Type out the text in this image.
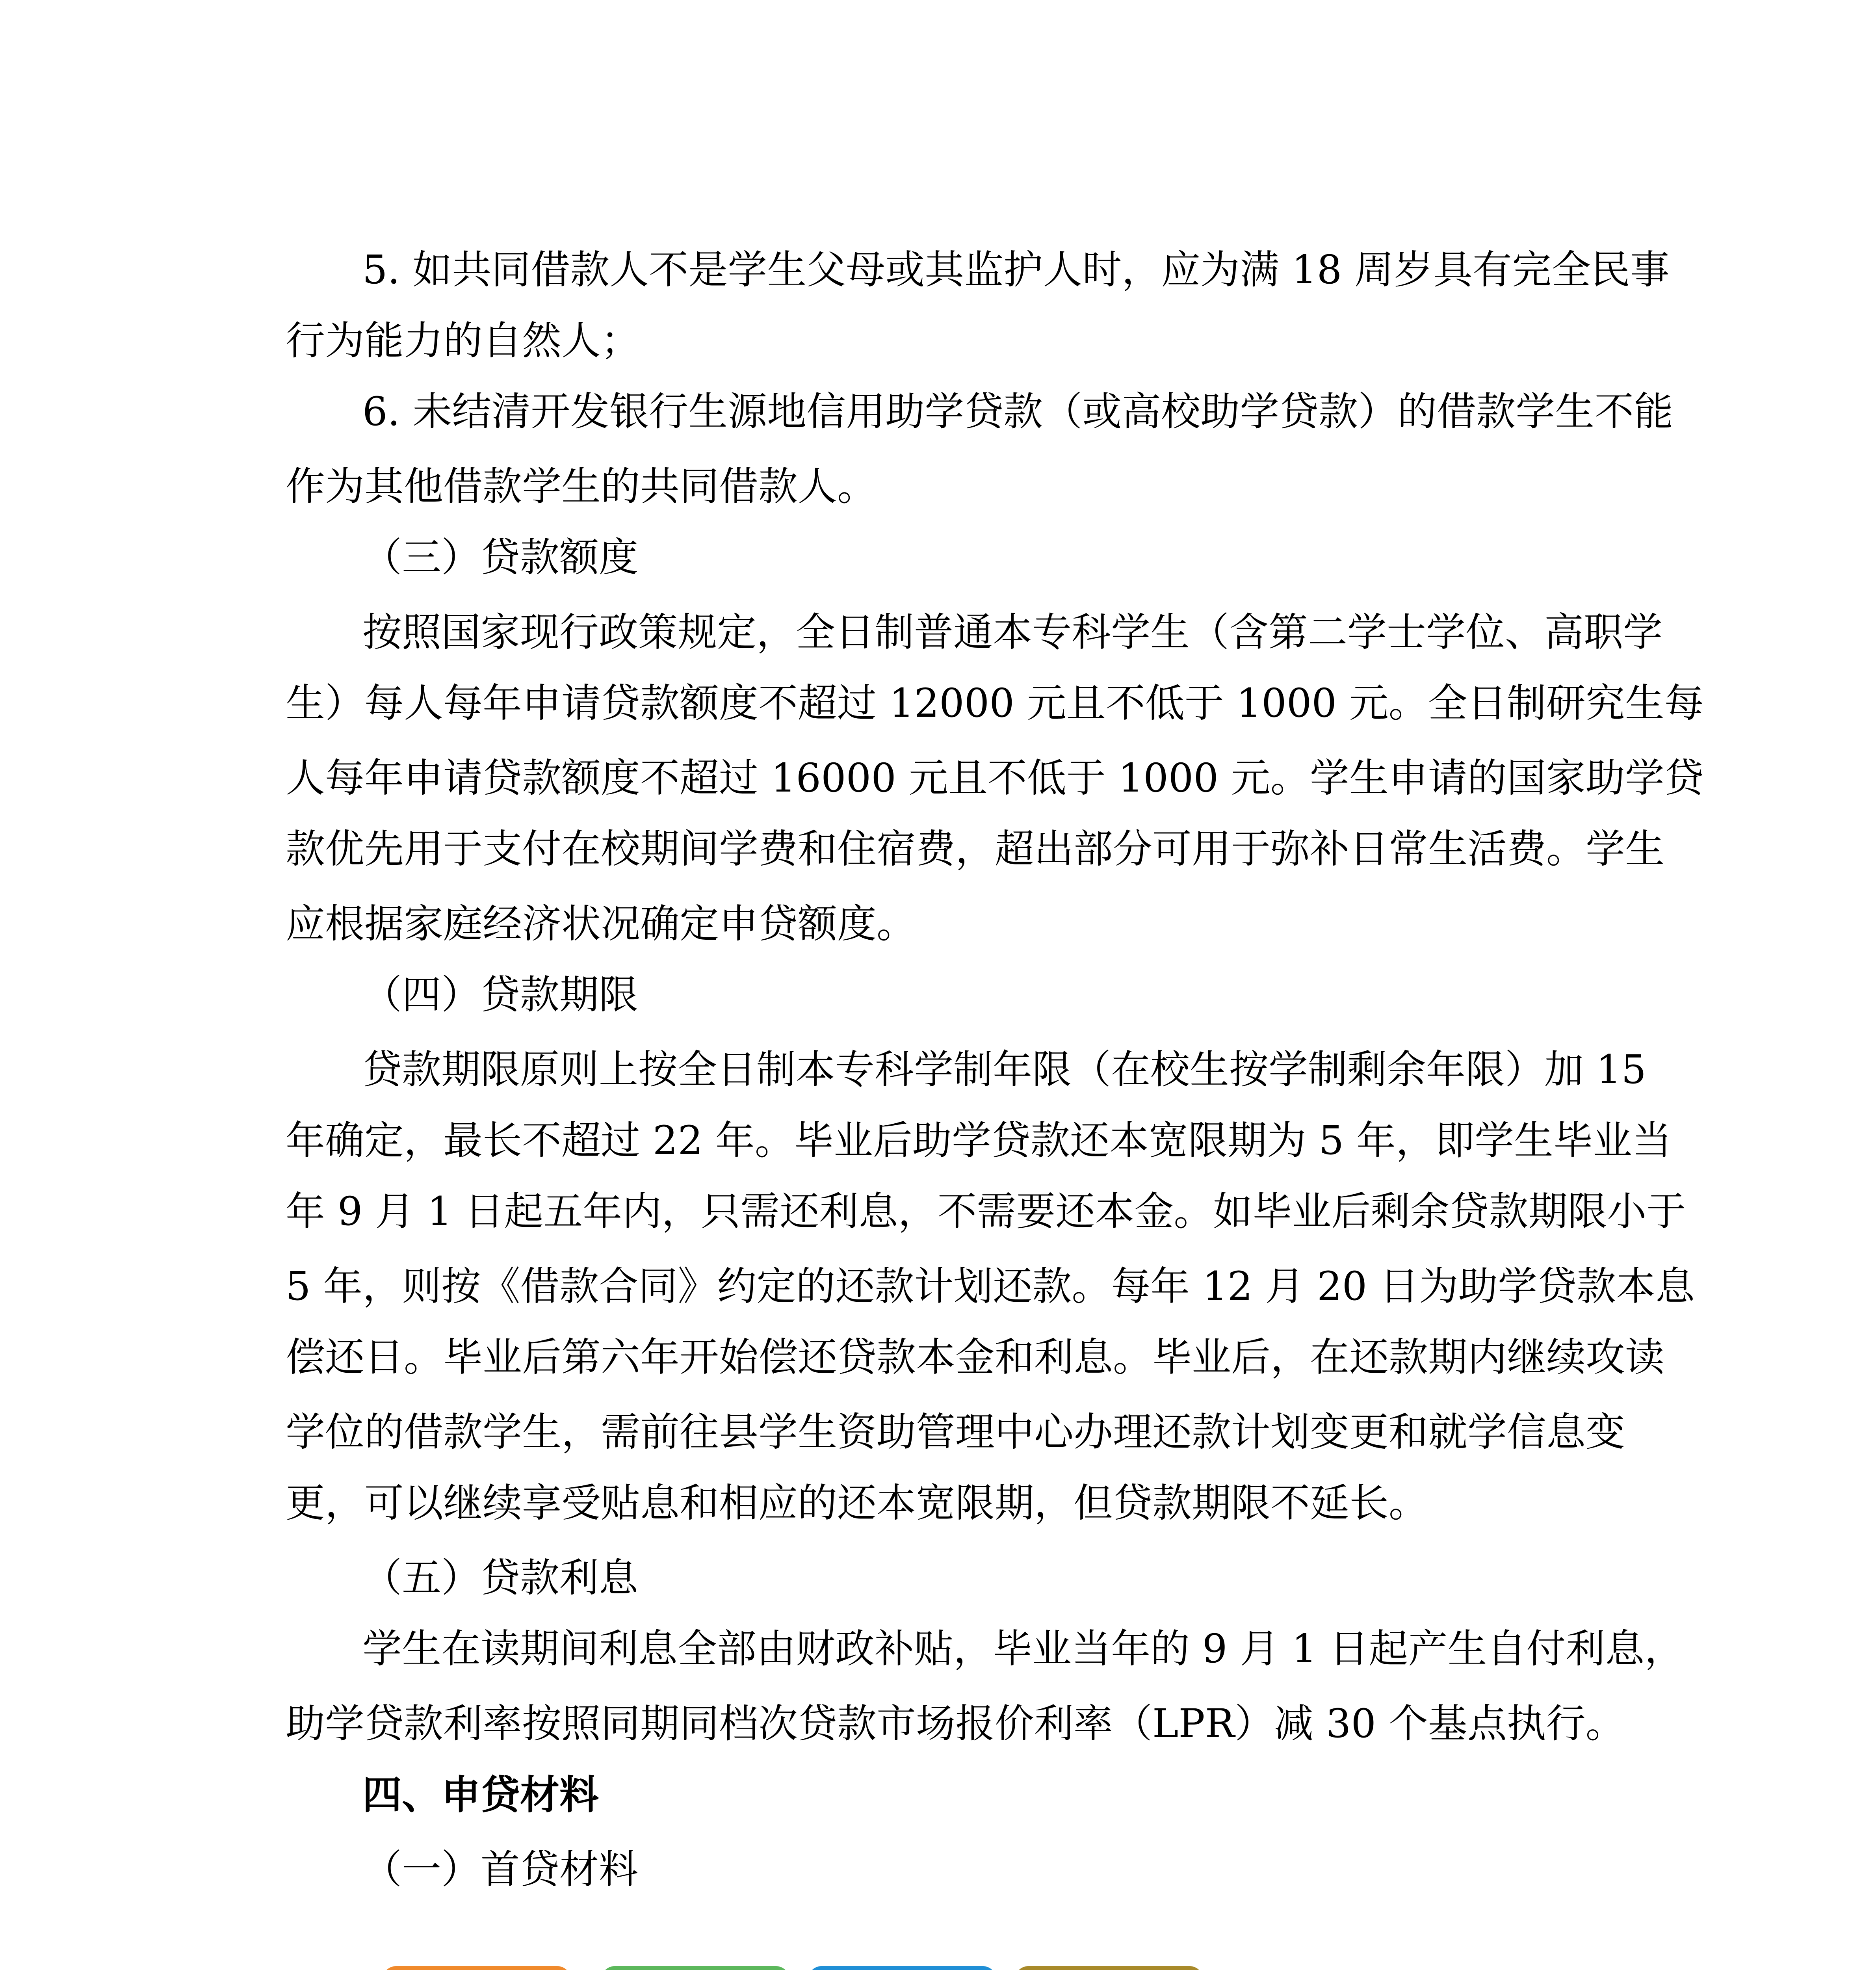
5. 如共同借款人不是学生父母或其监护人时，应为满 18 周岁具有完全民事
行为能力的自然人；
6. 未结清开发银行生源地信用助学贷款（或高校助学贷款）的借款学生不能
作为其他借款学生的共同借款人。
（三）贷款额度
按照国家现行政策规定，全日制普通本专科学生（含第二学士学位、高职学
生）每人每年申请贷款额度不超过 12000 元且不低于 1000 元。全日制研究生每
人每年申请贷款额度不超过 16000 元且不低于 1000 元。学生申请的国家助学贷
款优先用于支付在校期间学费和住宿费，超出部分可用于弥补日常生活费。学生
应根据家庭经济状况确定申贷额度。
（四）贷款期限
贷款期限原则上按全日制本专科学制年限（在校生按学制剩余年限）加 15
年确定，最长不超过 22 年。毕业后助学贷款还本宽限期为 5 年，即学生毕业当
年 9 月 1 日起五年内，只需还利息，不需要还本金。如毕业后剩余贷款期限小于
5 年，则按《借款合同》约定的还款计划还款。每年 12 月 20 日为助学贷款本息
偿还日。毕业后第六年开始偿还贷款本金和利息。毕业后，在还款期内继续攻读
学位的借款学生，需前往县学生资助管理中心办理还款计划变更和就学信息变
更，可以继续享受贴息和相应的还本宽限期，但贷款期限不延长。
（五）贷款利息
学生在读期间利息全部由财政补贴，毕业当年的 9 月 1 日起产生自付利息，
助学贷款利率按照同期同档次贷款市场报价利率（LPR）减 30 个基点执行。
四、申贷材料
（一）首贷材料
